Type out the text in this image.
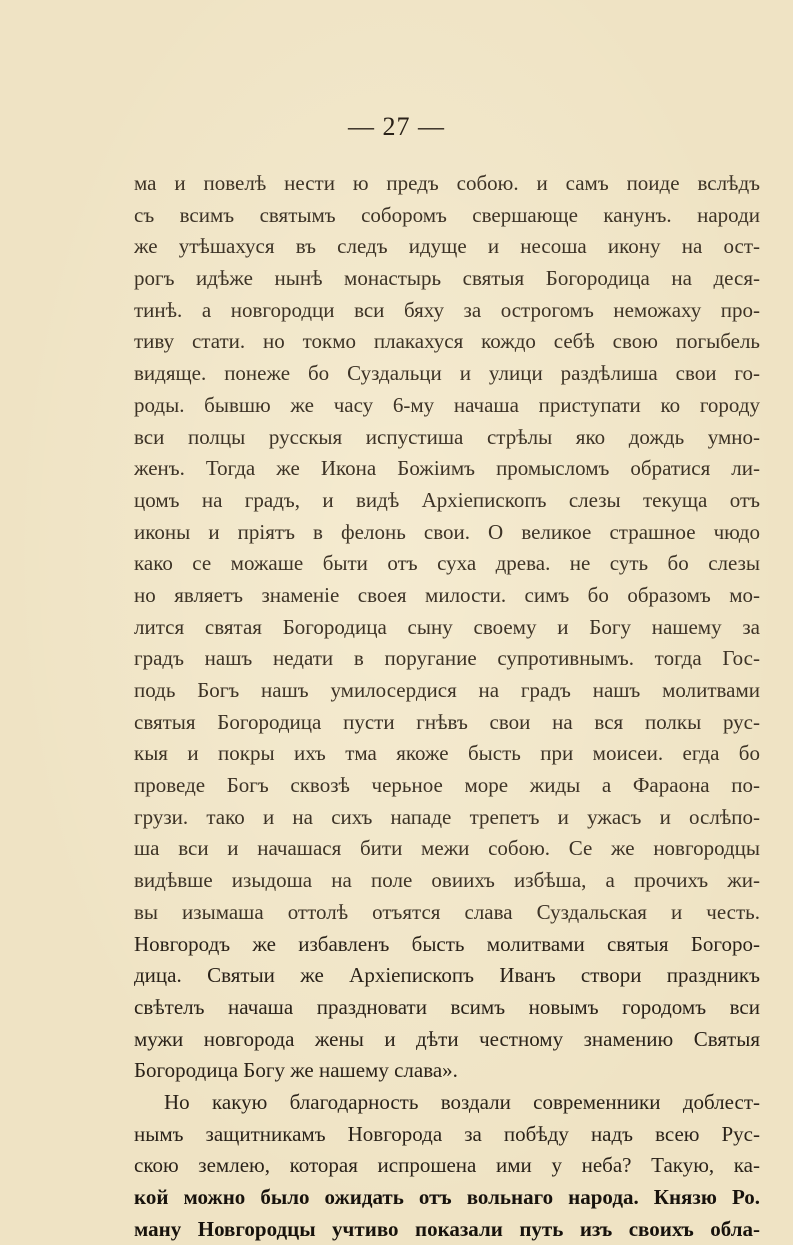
— 27 —
ма и повелѣ нести ю предъ собою. и самъ поиде вслѣдъ
съ всимъ святымъ соборомъ свершающе канунъ. народи
же утѣшахуся въ следъ идуще и несоша икону на ост-
рогъ идѣже нынѣ монастырь святыя Богородица на деся-
тинѣ. а новгородци вси бяху за острогомъ неможаху про-
тиву стати. но токмо плакахуся кождо себѣ свою погыбель
видяще. понеже бо Суздальци и улици раздѣлиша свои го-
роды. бывшю же часу 6-му начаша приступати ко городу
вси полцы русскыя испустиша стрѣлы яко дождь умно-
женъ. Тогда же Икона Божіимъ промысломъ обратися ли-
цомъ на градъ, и видѣ Архіепископъ слезы текуща отъ
иконы и пріятъ в фелонь свои. О великое страшное чюдо
како се можаше быти отъ суха древа. не суть бо слезы
но являетъ знаменіе своея милости. симъ бо образомъ мо-
лится святая Богородица сыну своему и Богу нашему за
градъ нашъ недати в поругание супротивнымъ. тогда Гос-
подь Богъ нашъ умилосердися на градъ нашъ молитвами
святыя Богородица пусти гнѣвъ свои на вся полкы рус-
кыя и покры ихъ тма якоже бысть при моисеи. егда бо
проведе Богъ сквозѣ черьное море жиды а Фараона по-
грузи. тако и на сихъ нападе трепетъ и ужасъ и ослѣпо-
ша вси и начашася бити межи собою. Се же новгородцы
видѣвше изыдоша на поле овиихъ избѣша, а прочихъ жи-
вы изымаша оттолѣ отъятся слава Суздальская и честь.
Новгородъ же избавленъ бысть молитвами святыя Богоро-
дица. Святыи же Архіепископъ Иванъ створи праздникъ
свѣтелъ начаша праздновати всимъ новымъ городомъ вси
мужи новгорода жены и дѣти честному знамению Святыя
Богородица Богу же нашему слава».
Но какую благодарность воздали современники доблест-
нымъ защитникамъ Новгорода за побѣду надъ всею Рус-
скою землею, которая испрошена ими у неба? Такую, ка-
кой можно было ожидать отъ вольнаго народа. Князю Ро.
ману Новгородцы учтиво показали путь изъ своихъ обла-
